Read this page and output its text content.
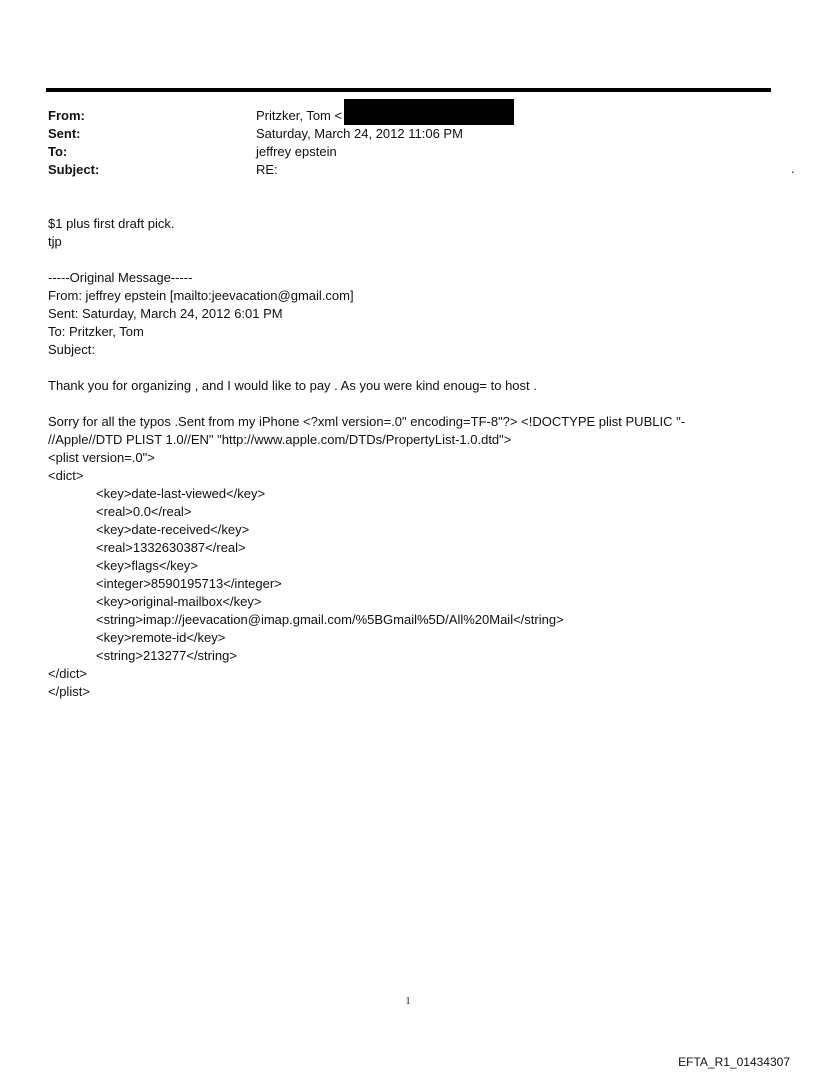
From:	Pritzker, Tom <
Sent:	Saturday, March 24, 2012 11:06 PM
To:	jeffrey epstein
Subject:	RE:	.
$1 plus first draft pick.
tjp
-----Original Message-----
From: jeffrey epstein [mailto:jeevacation@gmail.com]
Sent: Saturday, March 24, 2012 6:01 PM
To: Pritzker, Tom
Subject:
Thank you for organizing , and I would like to pay . As you were kind enoug= to host .
Sorry for all the typos .Sent from my iPhone <?xml version=.0" encoding=TF-8"?> <!DOCTYPE plist PUBLIC "-
//Apple//DTD PLIST 1.0//EN" "http://www.apple.com/DTDs/PropertyList-1.0.dtd">
<plist version=.0">
<dict>
<key>date-last-viewed</key>
<real>0.0</real>
<key>date-received</key>
<real>1332630387</real>
<key>flags</key>
<integer>8590195713</integer>
<key>original-mailbox</key>
<string>imap://jeevacation@imap.gmail.com/%5BGmail%5D/All%20Mail</string>
<key>remote-id</key>
<string>213277</string>
</dict>
</plist>
1
EFTA_R1_01434307
